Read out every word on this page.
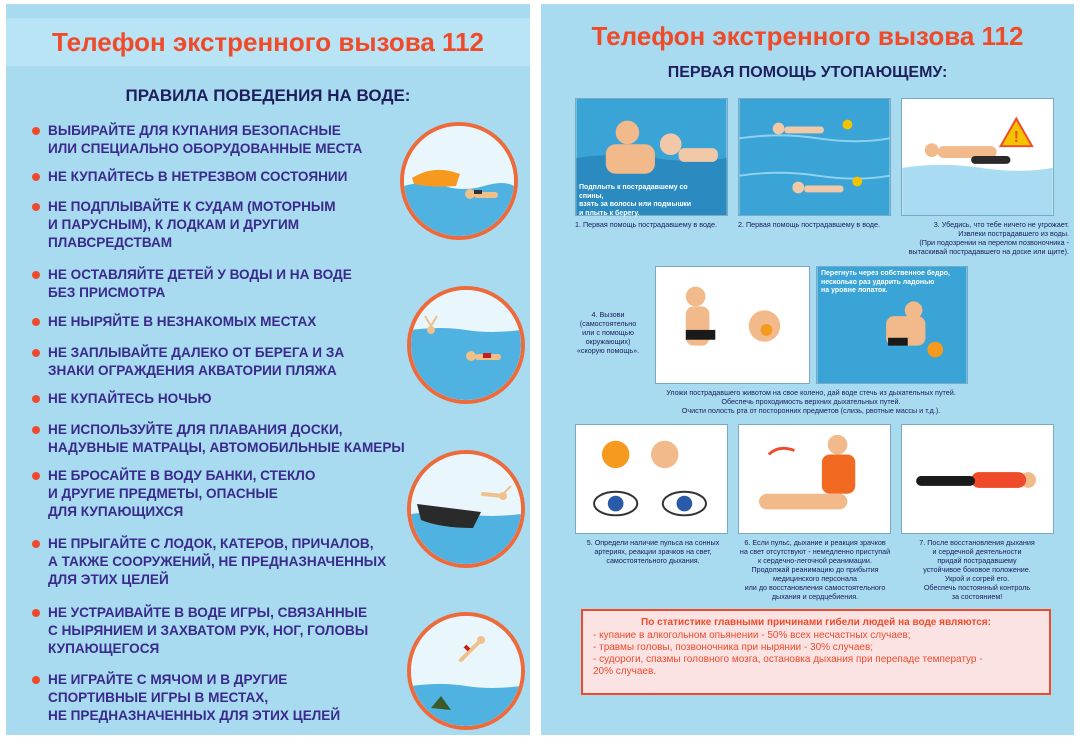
Телефон экстренного вызова 112
ПРАВИЛА ПОВЕДЕНИЯ НА ВОДЕ:
ВЫБИРАЙТЕ ДЛЯ КУПАНИЯ БЕЗОПАСНЫЕ
ИЛИ СПЕЦИАЛЬНО ОБОРУДОВАННЫЕ МЕСТА
НЕ КУПАЙТЕСЬ В НЕТРЕЗВОМ СОСТОЯНИИ
НЕ ПОДПЛЫВАЙТЕ К СУДАМ (МОТОРНЫМ
И ПАРУСНЫМ), К ЛОДКАМ И ДРУГИМ
ПЛАВСРЕДСТВАМ
НЕ ОСТАВЛЯЙТЕ ДЕТЕЙ У ВОДЫ И НА ВОДЕ
БЕЗ ПРИСМОТРА
НЕ НЫРЯЙТЕ В НЕЗНАКОМЫХ МЕСТАХ
НЕ ЗАПЛЫВАЙТЕ ДАЛЕКО ОТ БЕРЕГА И ЗА
ЗНАКИ ОГРАЖДЕНИЯ АКВАТОРИИ ПЛЯЖА
НЕ КУПАЙТЕСЬ НОЧЬЮ
НЕ ИСПОЛЬЗУЙТЕ ДЛЯ ПЛАВАНИЯ ДОСКИ,
НАДУВНЫЕ МАТРАЦЫ, АВТОМОБИЛЬНЫЕ КАМЕРЫ
НЕ БРОСАЙТЕ В ВОДУ БАНКИ, СТЕКЛО
И ДРУГИЕ ПРЕДМЕТЫ, ОПАСНЫЕ
ДЛЯ КУПАЮЩИХСЯ
НЕ ПРЫГАЙТЕ С ЛОДОК, КАТЕРОВ, ПРИЧАЛОВ,
А ТАКЖЕ СООРУЖЕНИЙ, НЕ ПРЕДНАЗНАЧЕННЫХ
ДЛЯ ЭТИХ ЦЕЛЕЙ
НЕ УСТРАИВАЙТЕ В ВОДЕ ИГРЫ, СВЯЗАННЫЕ
С НЫРЯНИЕМ И ЗАХВАТОМ РУК, НОГ, ГОЛОВЫ
КУПАЮЩЕГОСЯ
НЕ ИГРАЙТЕ С МЯЧОМ И В ДРУГИЕ
СПОРТИВНЫЕ ИГРЫ В МЕСТАХ,
НЕ ПРЕДНАЗНАЧЕННЫХ ДЛЯ ЭТИХ ЦЕЛЕЙ
Телефон экстренного вызова 112
ПЕРВАЯ ПОМОЩЬ УТОПАЮЩЕМУ:
Подплыть к пострадавшему со спины,
взять за волосы или подмышки
и плыть к берегу.
!
1. Первая помощь пострадавшему в воде.	2. Первая помощь пострадавшему в воде.	3. Убедись, что тебе ничего не угрожает.
Извлеки пострадавшего из воды.
(При подозрении на перелом позвоночника -
вытаскивай пострадавшего на доске или щите).
4. Вызови
(самостоятельно
или с помощью
окружающих)
«скорую помощь».
Перегнуть через собственное бедро,
несколько раз ударить ладонью
на уровне лопаток.
Уложи пострадавшего животом на свое колено, дай воде стечь из дыхательных путей.
Обеспечь проходимость верхних дыхательных путей.
Очисти полость рта от посторонних предметов (слизь, рвотные массы и т.д.).
5. Определи наличие пульса на сонных
артериях, реакции зрачков на свет,
самостоятельного дыхания.
6. Если пульс, дыхание и реакция зрачков
на свет отсутствуют - немедленно приступай
к сердечно-легочной реанимации.
Продолжай реанимацию до прибытия
медицинского персонала
или до восстановления самостоятельного
дыхания и сердцебиения.
7. После восстановления дыхания
и сердечной деятельности
придай пострадавшему
устойчивое боковое положение.
Укрой и согрей его.
Обеспечь постоянный контроль
за состоянием!
По статистике главными причинами гибели людей на воде являются:
- купание в алкогольном опьянении - 50% всех несчастных случаев;
- травмы головы, позвоночника при нырянии - 30% случаев;
- судороги, спазмы головного мозга, остановка дыхания при перепаде температур -
20% случаев.
